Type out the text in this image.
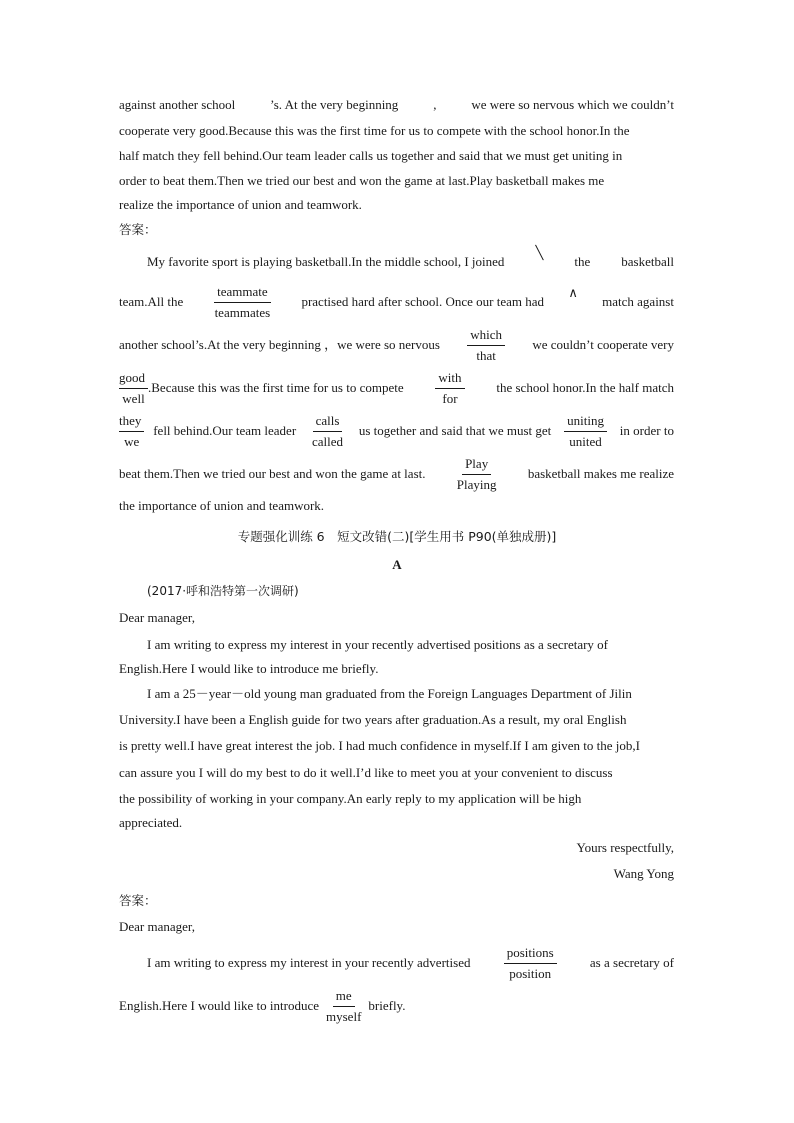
against another school	’s. At the very beginning	,	we were so nervous which we couldn’t
cooperate very good.Because this was the first time for us to compete with the school honor.In the
half match they fell behind.Our team leader calls us together and said that we must get uniting in
order to beat them.Then we tried our best and won the game at last.Play basketball makes me
realize the importance of union and teamwork.
答案：
My favorite sport is playing basketball.In the middle school, I joined
╲
the basketball
team.All the
teammate
teammates
practised hard after school. Once our team had
∧
match against
another school’s.At the very beginning ，we were so nervous
which
that
we couldn’t cooperate very
good
well
.Because this was the first time for us to compete
with
for
the school honor.In the half match
they
we
fell behind.Our team leader
calls
called
us together and said that we must get
uniting
united
in order to
beat them.Then we tried our best and won the game at last.
Play
Playing
basketball makes me realize
the importance of union and teamwork.
专题强化训练 6　短文改错(二)[学生用书 P90(单独成册)]
A
(2017·呼和浩特第一次调研)
Dear manager,
I am writing to express my interest in your recently advertised positions as a secretary of
English.Here I would like to introduce me briefly.
I am a 25－year－old young man graduated from the Foreign Languages Department of Jilin
University.I have been a English guide for two years after graduation.As a result, my oral English
is pretty well.I have great interest the job. I had much confidence in myself.If I am given to the job,I
can assure you I will do my best to do it well.I’d like to meet you at your convenient to discuss
the possibility of working in your company.An early reply to my application will be high
appreciated.
Yours respectfully,
Wang Yong
答案：
Dear manager,
I am writing to express my interest in your recently advertised
positions
position
as a secretary of
English.Here I would like to introduce
me
myself
briefly.
